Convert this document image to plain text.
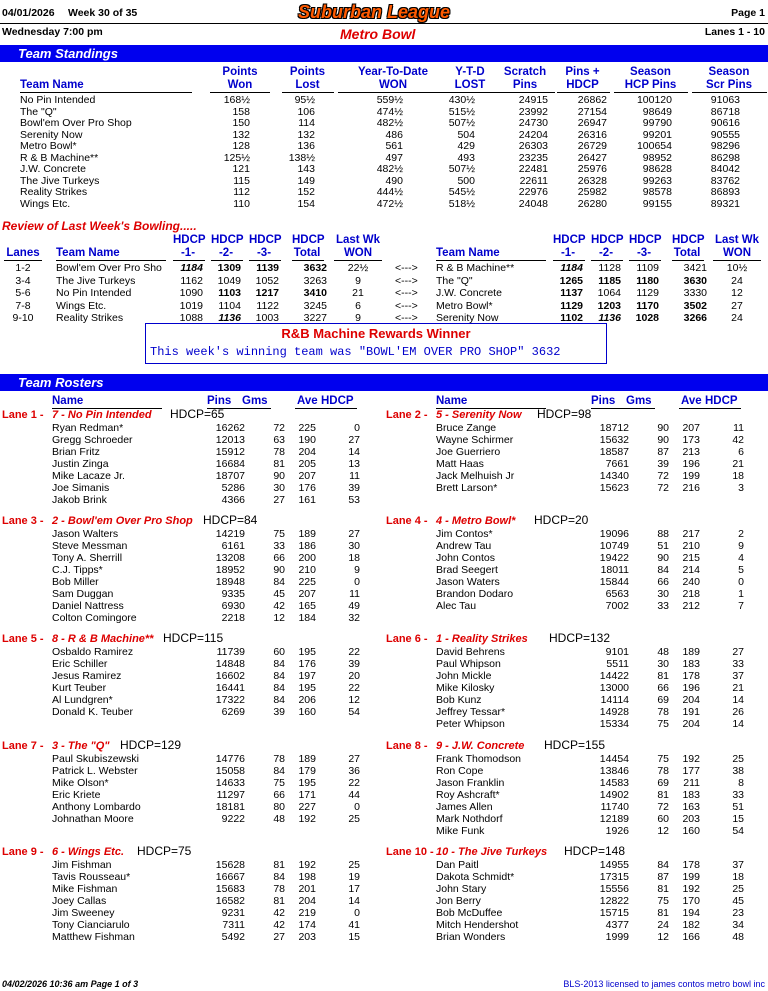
04/01/2026 Week 30 of 35	Suburban League	Page 1
Wednesday 7:00 pm	Metro Bowl	Lanes 1 - 10
Team Standings
Team Name
Points
Won
Points
Lost
Year-To-Date
WON
Y-T-D
LOST
Scratch
Pins
Pins +
HDCP
Season
HCP Pins
Season
Scr Pins
No Pin Intended	168½	95½	559½	430½	24915	26862	100120	91063
The "Q"	158	106	474½	515½	23992	27154	98649	86718
Bowl'em Over Pro Shop	150	114	482½	507½	24730	26947	99790	90616
Serenity Now	132	132	486	504	24204	26316	99201	90555
Metro Bowl*	128	136	561	429	26303	26729	100654	98296
R & B Machine**	125½	138½	497	493	23235	26427	98952	86298
J.W. Concrete	121	143	482½	507½	22481	25976	98628	84042
The Jive Turkeys	115	149	490	500	22611	26328	99263	83762
Reality Strikes	112	152	444½	545½	22976	25982	98578	86893
Wings Etc.	110	154	472½	518½	24048	26280	99155	89321
Review of Last Week's Bowling.....
HDCP HDCP HDCP HDCP Last Wk
Lanes Team Name	-1-	-2-	-3-	Total	WON
HDCP HDCP HDCP HDCP Last Wk
Team Name	-1-	-2-	-3-	Total	WON
1-2	Bowl'em Over Pro Sho	1184	1309	1139	3632	22½	<---> R & B Machine**	1184	1128	1109	3421	10½
3-4	The Jive Turkeys	1162	1049	1052	3263	9	<---> The "Q"	1265	1185	1180	3630	24
5-6	No Pin Intended	1090	1103	1217	3410	21	<---> J.W. Concrete	1137	1064	1129	3330	12
7-8	Wings Etc.	1019	1104	1122	3245	6	<---> Metro Bowl*	1129	1203	1170	3502	27
9-10	Reality Strikes	1088	1136	1003	3227	9	<---> Serenity Now	1102	1136	1028	3266	24
R&B Machine Rewards Winner
This week's winning team was "BOWL'EM OVER PRO SHOP" 3632
Team Rosters
Name	Pins Gms	Ave HDCP	Name	Pins Gms	Ave HDCP
Lane 1 - 7 - No Pin Intended HDCP=65
Ryan Redman*	16262	72	225	0
Gregg Schroeder	12013	63	190	27
Brian Fritz	15912	78	204	14
Justin Zinga	16684	81	205	13
Mike Lacaze Jr.	18707	90	207	11
Joe Simanis	5286	30	176	39
Jakob Brink	4366	27	161	53
Lane 2 - 5 - Serenity Now HDCP=98
Bruce Zange	18712	90	207	11
Wayne Schirmer	15632	90	173	42
Joe Guerriero	18587	87	213	6
Matt Haas	7661	39	196	21
Jack Melhuish Jr	14340	72	199	18
Brett Larson*	15623	72	216	3
Lane 3 - 2 - Bowl'em Over Pro Shop HDCP=84
Jason Walters	14219	75	189	27
Steve Messman	6161	33	186	30
Tony A. Sherrill	13208	66	200	18
C.J. Tipps*	18952	90	210	9
Bob Miller	18948	84	225	0
Sam Duggan	9335	45	207	11
Daniel Nattress	6930	42	165	49
Colton Comingore	2218	12	184	32
Lane 4 - 4 - Metro Bowl* HDCP=20
Jim Contos*	19096	88	217	2
Andrew Tau	10749	51	210	9
John Contos	19422	90	215	4
Brad Seegert	18011	84	214	5
Jason Waters	15844	66	240	0
Brandon Dodaro	6563	30	218	1
Alec Tau	7002	33	212	7
Lane 5 - 8 - R & B Machine** HDCP=115
Osbaldo Ramirez	11739	60	195	22
Eric Schiller	14848	84	176	39
Jesus Ramirez	16602	84	197	20
Kurt Teuber	16441	84	195	22
Al Lundgren*	17322	84	206	12
Donald K. Teuber	6269	39	160	54
Lane 6 - 1 - Reality Strikes HDCP=132
David Behrens	9101	48	189	27
Paul Whipson	5511	30	183	33
John Mickle	14422	81	178	37
Mike Kilosky	13000	66	196	21
Bob Kunz	14114	69	204	14
Jeffrey Tessar*	14928	78	191	26
Peter Whipson	15334	75	204	14
Lane 7 - 3 - The "Q" HDCP=129
Paul Skubiszewski	14776	78	189	27
Patrick L. Webster	15058	84	179	36
Mike Olson*	14633	75	195	22
Eric Kriete	11297	66	171	44
Anthony Lombardo	18181	80	227	0
Johnathan Moore	9222	48	192	25
Lane 8 - 9 - J.W. Concrete HDCP=155
Frank Thomodson	14454	75	192	25
Ron Cope	13846	78	177	38
Jason Franklin	14583	69	211	8
Roy Ashcraft*	14902	81	183	33
James Allen	11740	72	163	51
Mark Nothdorf	12189	60	203	15
Mike Funk	1926	12	160	54
Lane 9 - 6 - Wings Etc. HDCP=75
Jim Fishman	15628	81	192	25
Tavis Rousseau*	16667	84	198	19
Mike Fishman	15683	78	201	17
Joey Callas	16582	81	204	14
Jim Sweeney	9231	42	219	0
Tony Cianciarulo	7311	42	174	41
Matthew Fishman	5492	27	203	15
Lane 10 - 10 - The Jive Turkeys HDCP=148
Dan Paitl	14955	84	178	37
Dakota Schmidt*	17315	87	199	18
John Stary	15556	81	192	25
Jon Berry	12822	75	170	45
Bob McDuffee	15715	81	194	23
Mitch Hendershot	4377	24	182	34
Brian Wonders	1999	12	166	48
04/02/2026 10:36 am Page 1 of 3	BLS-2013 licensed to james contos metro bowl inc
